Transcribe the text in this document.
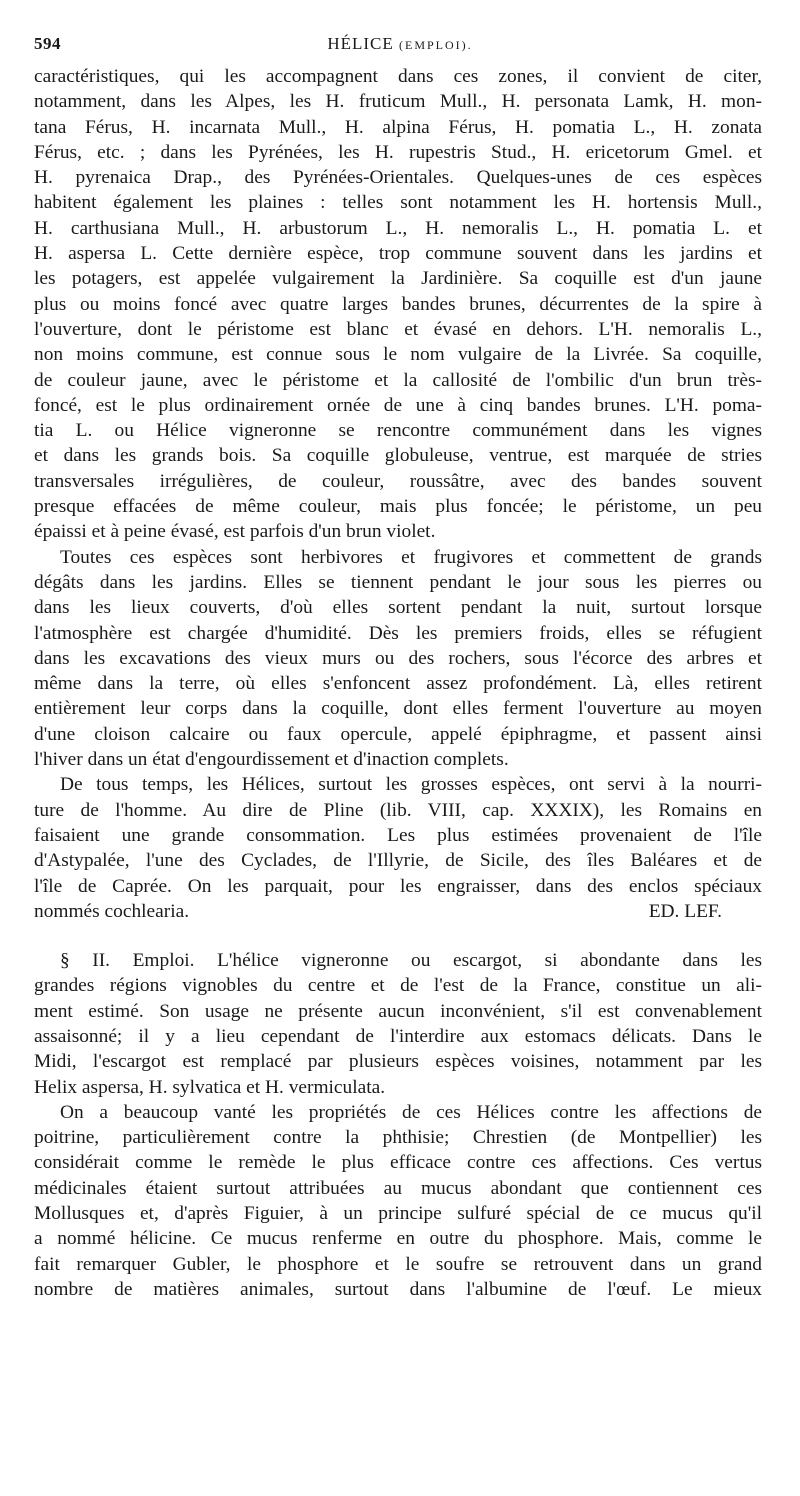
594	HÉLICE (EMPLOI).
caractéristiques, qui les accompagnent dans ces zones, il convient de citer,
notamment, dans les Alpes, les H. fruticum Mull., H. personata Lamk, H. mon-
tana Férus, H. incarnata Mull., H. alpina Férus, H. pomatia L., H. zonata
Férus, etc. ; dans les Pyrénées, les H. rupestris Stud., H. ericetorum Gmel. et
H. pyrenaica Drap., des Pyrénées-Orientales. Quelques-unes de ces espèces
habitent également les plaines : telles sont notamment les H. hortensis Mull.,
H. carthusiana Mull., H. arbustorum L., H. nemoralis L., H. pomatia L. et
H. aspersa L. Cette dernière espèce, trop commune souvent dans les jardins et
les potagers, est appelée vulgairement la Jardinière. Sa coquille est d'un jaune
plus ou moins foncé avec quatre larges bandes brunes, décurrentes de la spire à
l'ouverture, dont le péristome est blanc et évasé en dehors. L'H. nemoralis L.,
non moins commune, est connue sous le nom vulgaire de la Livrée. Sa coquille,
de couleur jaune, avec le péristome et la callosité de l'ombilic d'un brun très-
foncé, est le plus ordinairement ornée de une à cinq bandes brunes. L'H. poma-
tia L. ou Hélice vigneronne se rencontre communément dans les vignes
et dans les grands bois. Sa coquille globuleuse, ventrue, est marquée de stries
transversales irrégulières, de couleur, roussâtre, avec des bandes souvent
presque effacées de même couleur, mais plus foncée; le péristome, un peu
épaissi et à peine évasé, est parfois d'un brun violet.
Toutes ces espèces sont herbivores et frugivores et commettent de grands
dégâts dans les jardins. Elles se tiennent pendant le jour sous les pierres ou
dans les lieux couverts, d'où elles sortent pendant la nuit, surtout lorsque
l'atmosphère est chargée d'humidité. Dès les premiers froids, elles se réfugient
dans les excavations des vieux murs ou des rochers, sous l'écorce des arbres et
même dans la terre, où elles s'enfoncent assez profondément. Là, elles retirent
entièrement leur corps dans la coquille, dont elles ferment l'ouverture au moyen
d'une cloison calcaire ou faux opercule, appelé épiphragme, et passent ainsi
l'hiver dans un état d'engourdissement et d'inaction complets.
De tous temps, les Hélices, surtout les grosses espèces, ont servi à la nourri-
ture de l'homme. Au dire de Pline (lib. VIII, cap. XXXIX), les Romains en
faisaient une grande consommation. Les plus estimées provenaient de l'île
d'Astypalée, l'une des Cyclades, de l'Illyrie, de Sicile, des îles Baléares et de
l'île de Caprée. On les parquait, pour les engraisser, dans des enclos spéciaux
nommés cochlearia.	ED. LEF.
§ II. Emploi. L'hélice vigneronne ou escargot, si abondante dans les
grandes régions vignobles du centre et de l'est de la France, constitue un ali-
ment estimé. Son usage ne présente aucun inconvénient, s'il est convenablement
assaisonné; il y a lieu cependant de l'interdire aux estomacs délicats. Dans le
Midi, l'escargot est remplacé par plusieurs espèces voisines, notamment par les
Helix aspersa, H. sylvatica et H. vermiculata.
On a beaucoup vanté les propriétés de ces Hélices contre les affections de
poitrine, particulièrement contre la phthisie; Chrestien (de Montpellier) les
considérait comme le remède le plus efficace contre ces affections. Ces vertus
médicinales étaient surtout attribuées au mucus abondant que contiennent ces
Mollusques et, d'après Figuier, à un principe sulfuré spécial de ce mucus qu'il
a nommé hélicine. Ce mucus renferme en outre du phosphore. Mais, comme le
fait remarquer Gubler, le phosphore et le soufre se retrouvent dans un grand
nombre de matières animales, surtout dans l'albumine de l'œuf. Le mieux
